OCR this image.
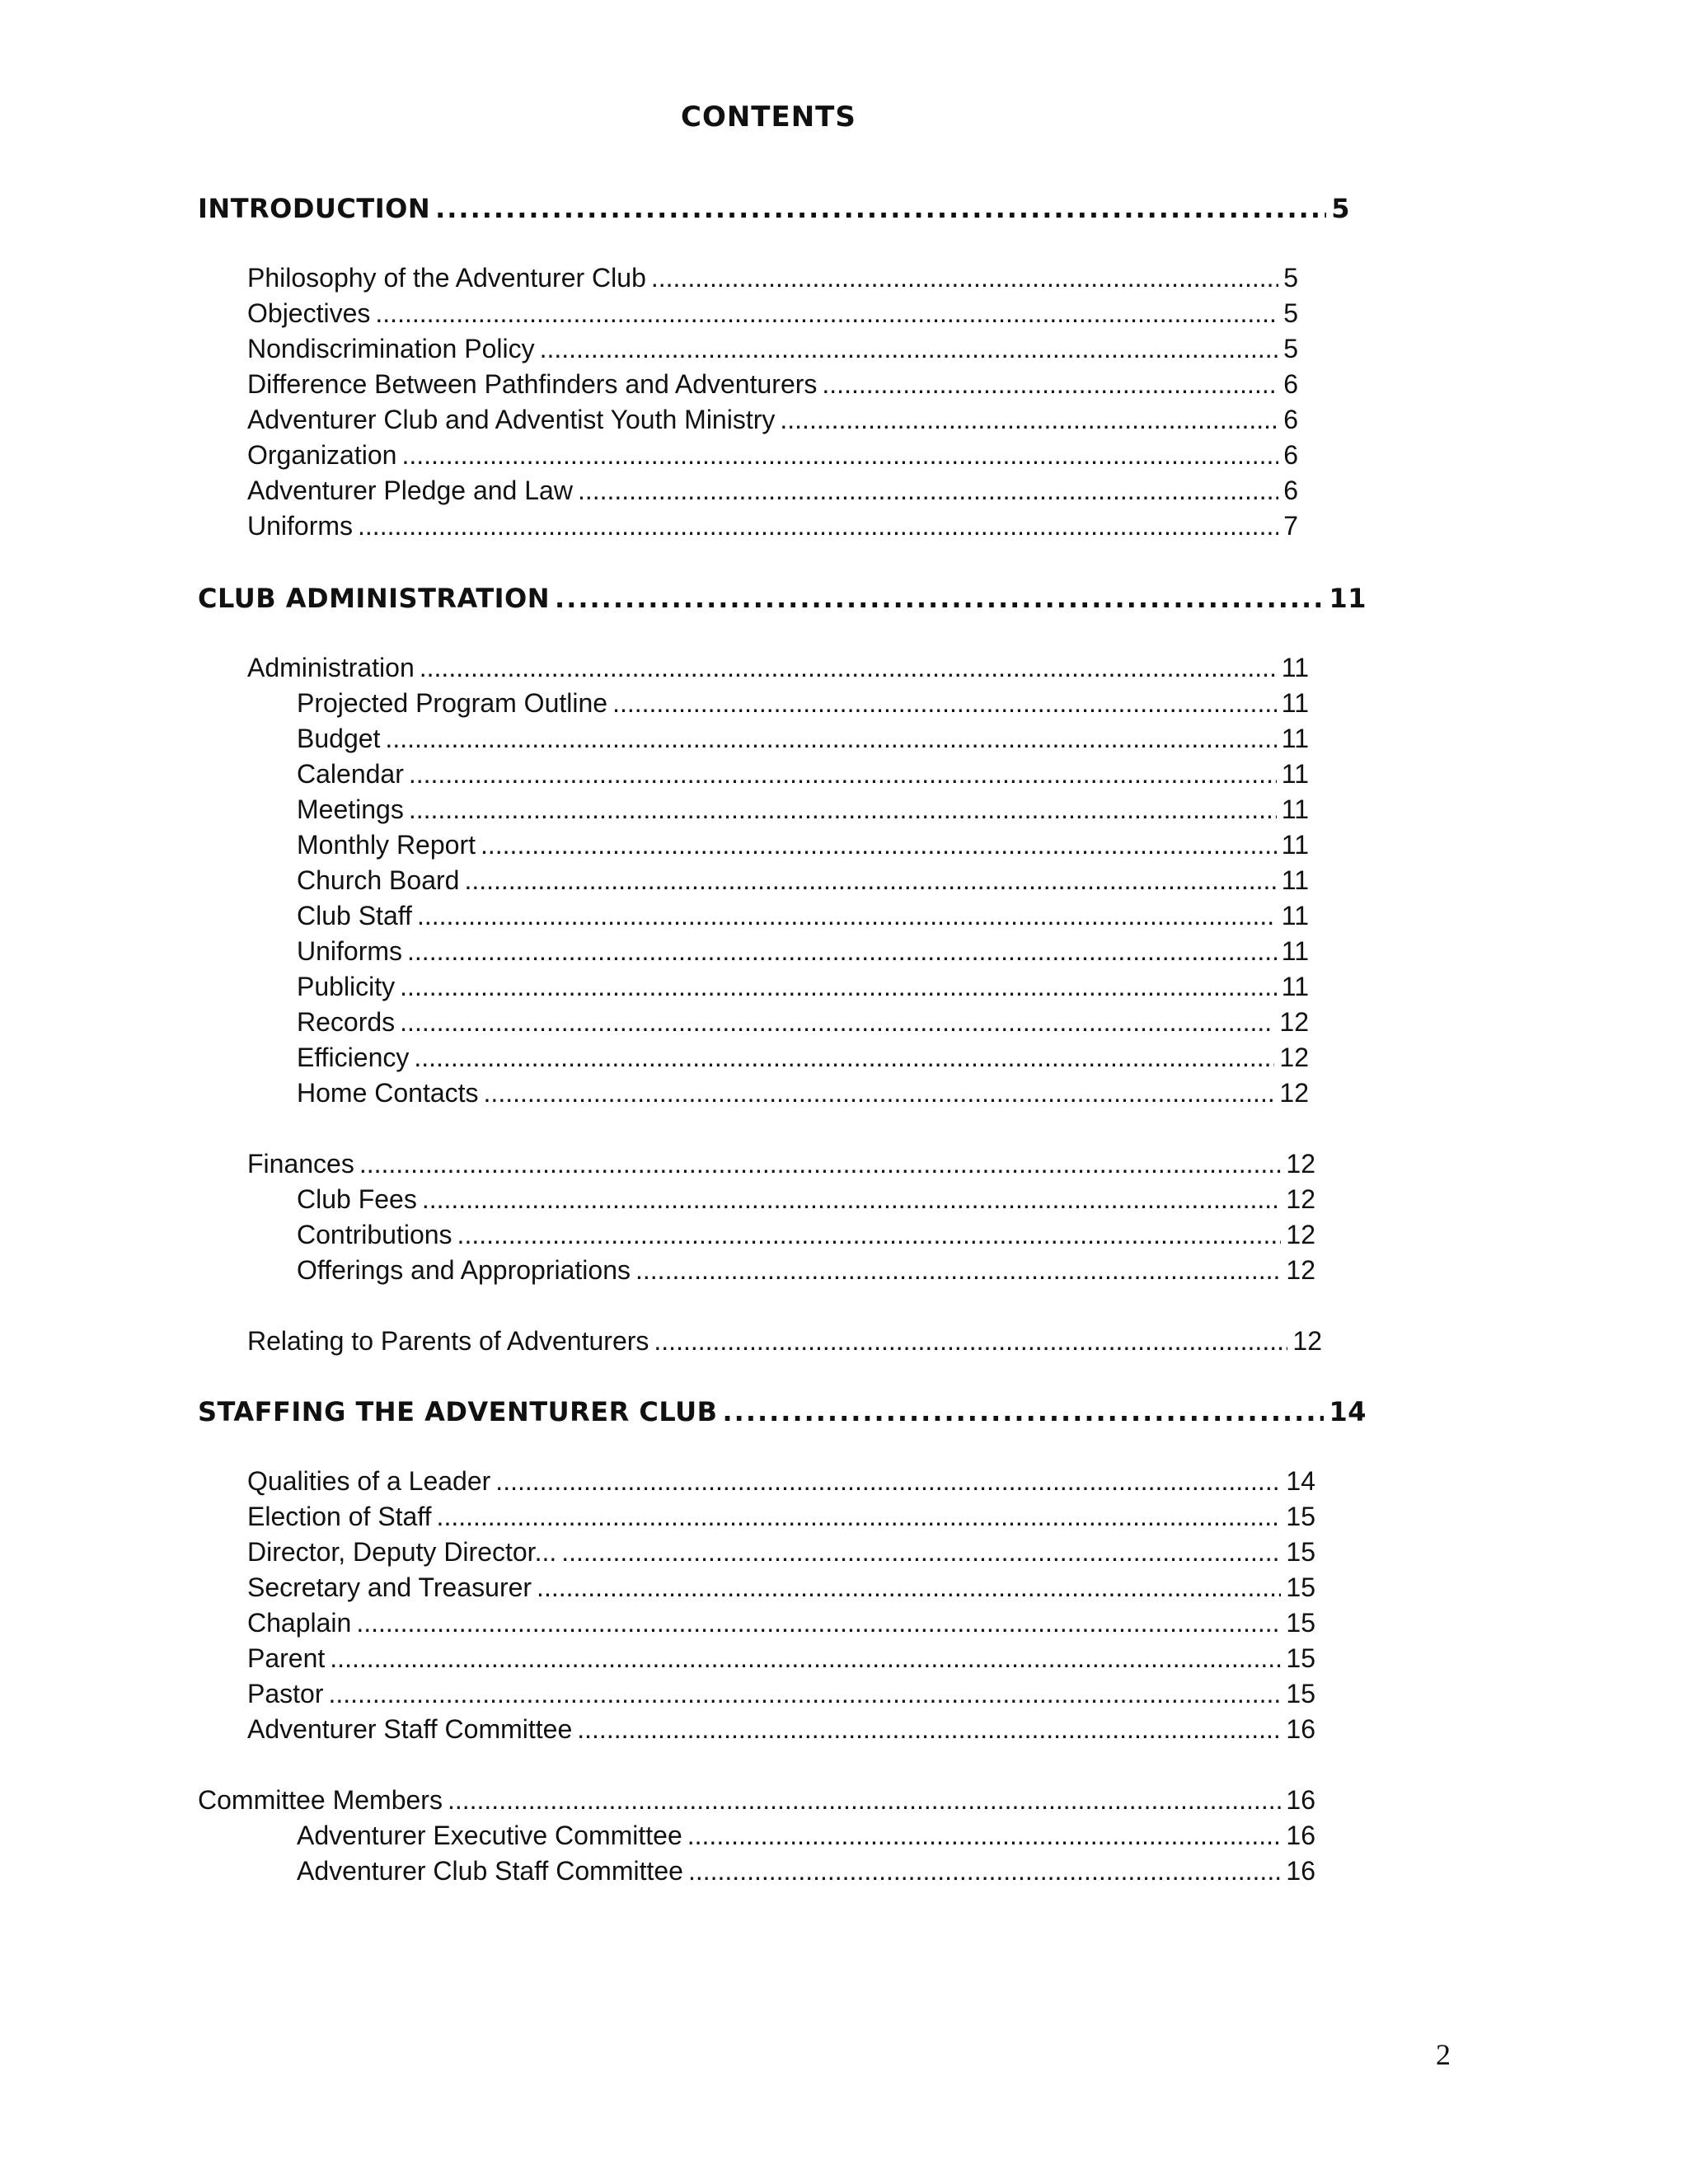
CONTENTS
INTRODUCTION .....	5
Philosophy of the Adventurer Club .....	5
Objectives .....	5
Nondiscrimination Policy .....	5
Difference Between Pathfinders and Adventurers .....	6
Adventurer Club and Adventist Youth Ministry .....	6
Organization .....	6
Adventurer Pledge and Law .....	6
Uniforms .....	7
CLUB ADMINISTRATION .....	11
Administration .....	11
Projected Program Outline .....	11
Budget .....	11
Calendar .....	11
Meetings .....	11
Monthly Report .....	11
Church Board .....	11
Club Staff .....	11
Uniforms .....	11
Publicity .....	11
Records .....	12
Efficiency .....	12
Home Contacts .....	12
Finances .....	12
Club Fees .....	12
Contributions .....	12
Offerings and Appropriations .....	12
Relating to Parents of Adventurers .....	12
STAFFING THE ADVENTURER CLUB .....	14
Qualities of a Leader .....	14
Election of Staff .....	15
Director, Deputy Director... .....	15
Secretary and Treasurer .....	15
Chaplain .....	15
Parent .....	15
Pastor .....	15
Adventurer Staff Committee .....	16
Committee Members .....	16
Adventurer Executive Committee .....	16
Adventurer Club Staff Committee .....	16
2
